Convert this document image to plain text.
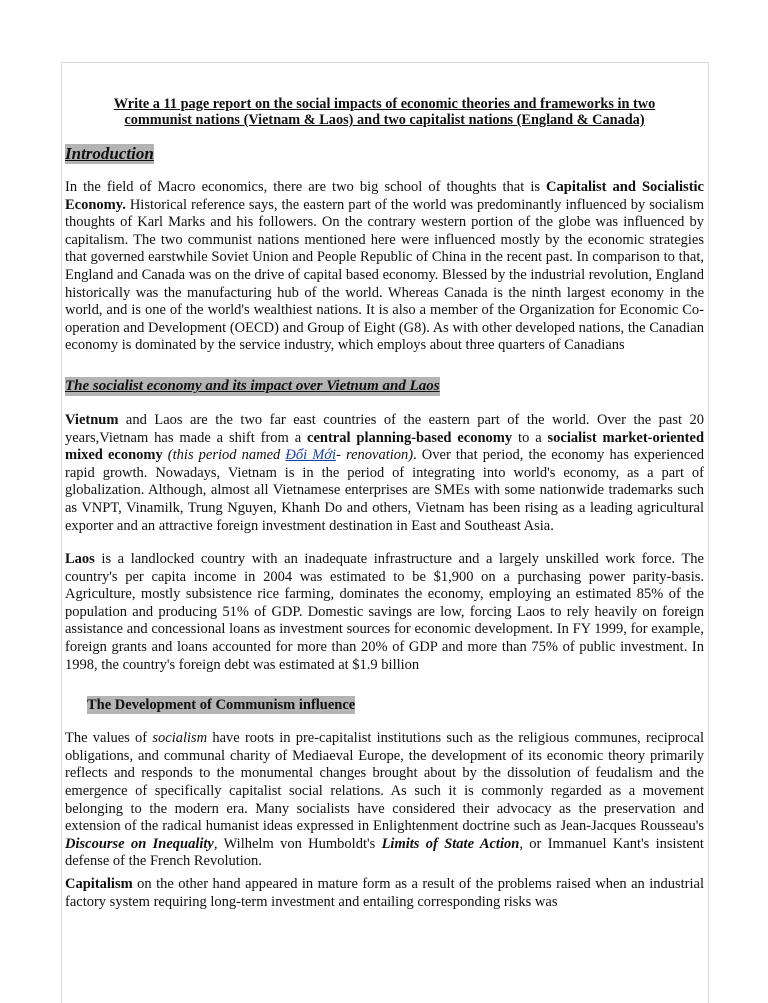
Write a 11 page report on the social impacts of economic theories and frameworks in two
communist nations (Vietnam & Laos) and two capitalist nations (England & Canada)
Introduction

In the field of Macro economics, there are two big school of thoughts that is Capitalist and Socialistic Economy. Historical reference says, the eastern part of the world was predominantly influenced by socialism thoughts of Karl Marks and his followers. On the contrary western portion of the globe was influenced by capitalism. The two communist nations mentioned here were influenced mostly by the economic strategies that governed earstwhile Soviet Union and People Republic of China in the recent past. In comparison to that, England and Canada was on the drive of capital based economy. Blessed by the industrial revolution, England historically was the manufacturing hub of the world. Whereas Canada is the ninth largest economy in the world, and is one of the world's wealthiest nations. It is also a member of the Organization for Economic Co-operation and Development (OECD) and Group of Eight (G8). As with other developed nations, the Canadian economy is dominated by the service industry, which employs about three quarters of Canadians

The socialist economy and its impact over Vietnum and Laos

Vietnum and Laos are the two far east countries of the eastern part of the world. Over the past 20 years,Vietnam has made a shift from a central planning-based economy to a socialist market-oriented mixed economy (this period named Đổi Mới- renovation). Over that period, the economy has experienced rapid growth. Nowadays, Vietnam is in the period of integrating into world's economy, as a part of globalization. Although, almost all Vietnamese enterprises are SMEs with some nationwide trademarks such as VNPT, Vinamilk, Trung Nguyen, Khanh Do and others, Vietnam has been rising as a leading agricultural exporter and an attractive foreign investment destination in East and Southeast Asia.

Laos is a landlocked country with an inadequate infrastructure and a largely unskilled work force. The country's per capita income in 2004 was estimated to be $1,900 on a purchasing power parity-basis. Agriculture, mostly subsistence rice farming, dominates the economy, employing an estimated 85% of the population and producing 51% of GDP. Domestic savings are low, forcing Laos to rely heavily on foreign assistance and concessional loans as investment sources for economic development. In FY 1999, for example, foreign grants and loans accounted for more than 20% of GDP and more than 75% of public investment. In 1998, the country's foreign debt was estimated at $1.9 billion

The Development of Communism influence

The values of socialism have roots in pre-capitalist institutions such as the religious communes, reciprocal obligations, and communal charity of Mediaeval Europe, the development of its economic theory primarily reflects and responds to the monumental changes brought about by the dissolution of feudalism and the emergence of specifically capitalist social relations. As such it is commonly regarded as a movement belonging to the modern era. Many socialists have considered their advocacy as the preservation and extension of the radical humanist ideas expressed in Enlightenment doctrine such as Jean-Jacques Rousseau's Discourse on Inequality, Wilhelm von Humboldt's Limits of State Action, or Immanuel Kant's insistent defense of the French Revolution.

Capitalism on the other hand appeared in mature form as a result of the problems raised when an industrial factory system requiring long-term investment and entailing corresponding risks was
